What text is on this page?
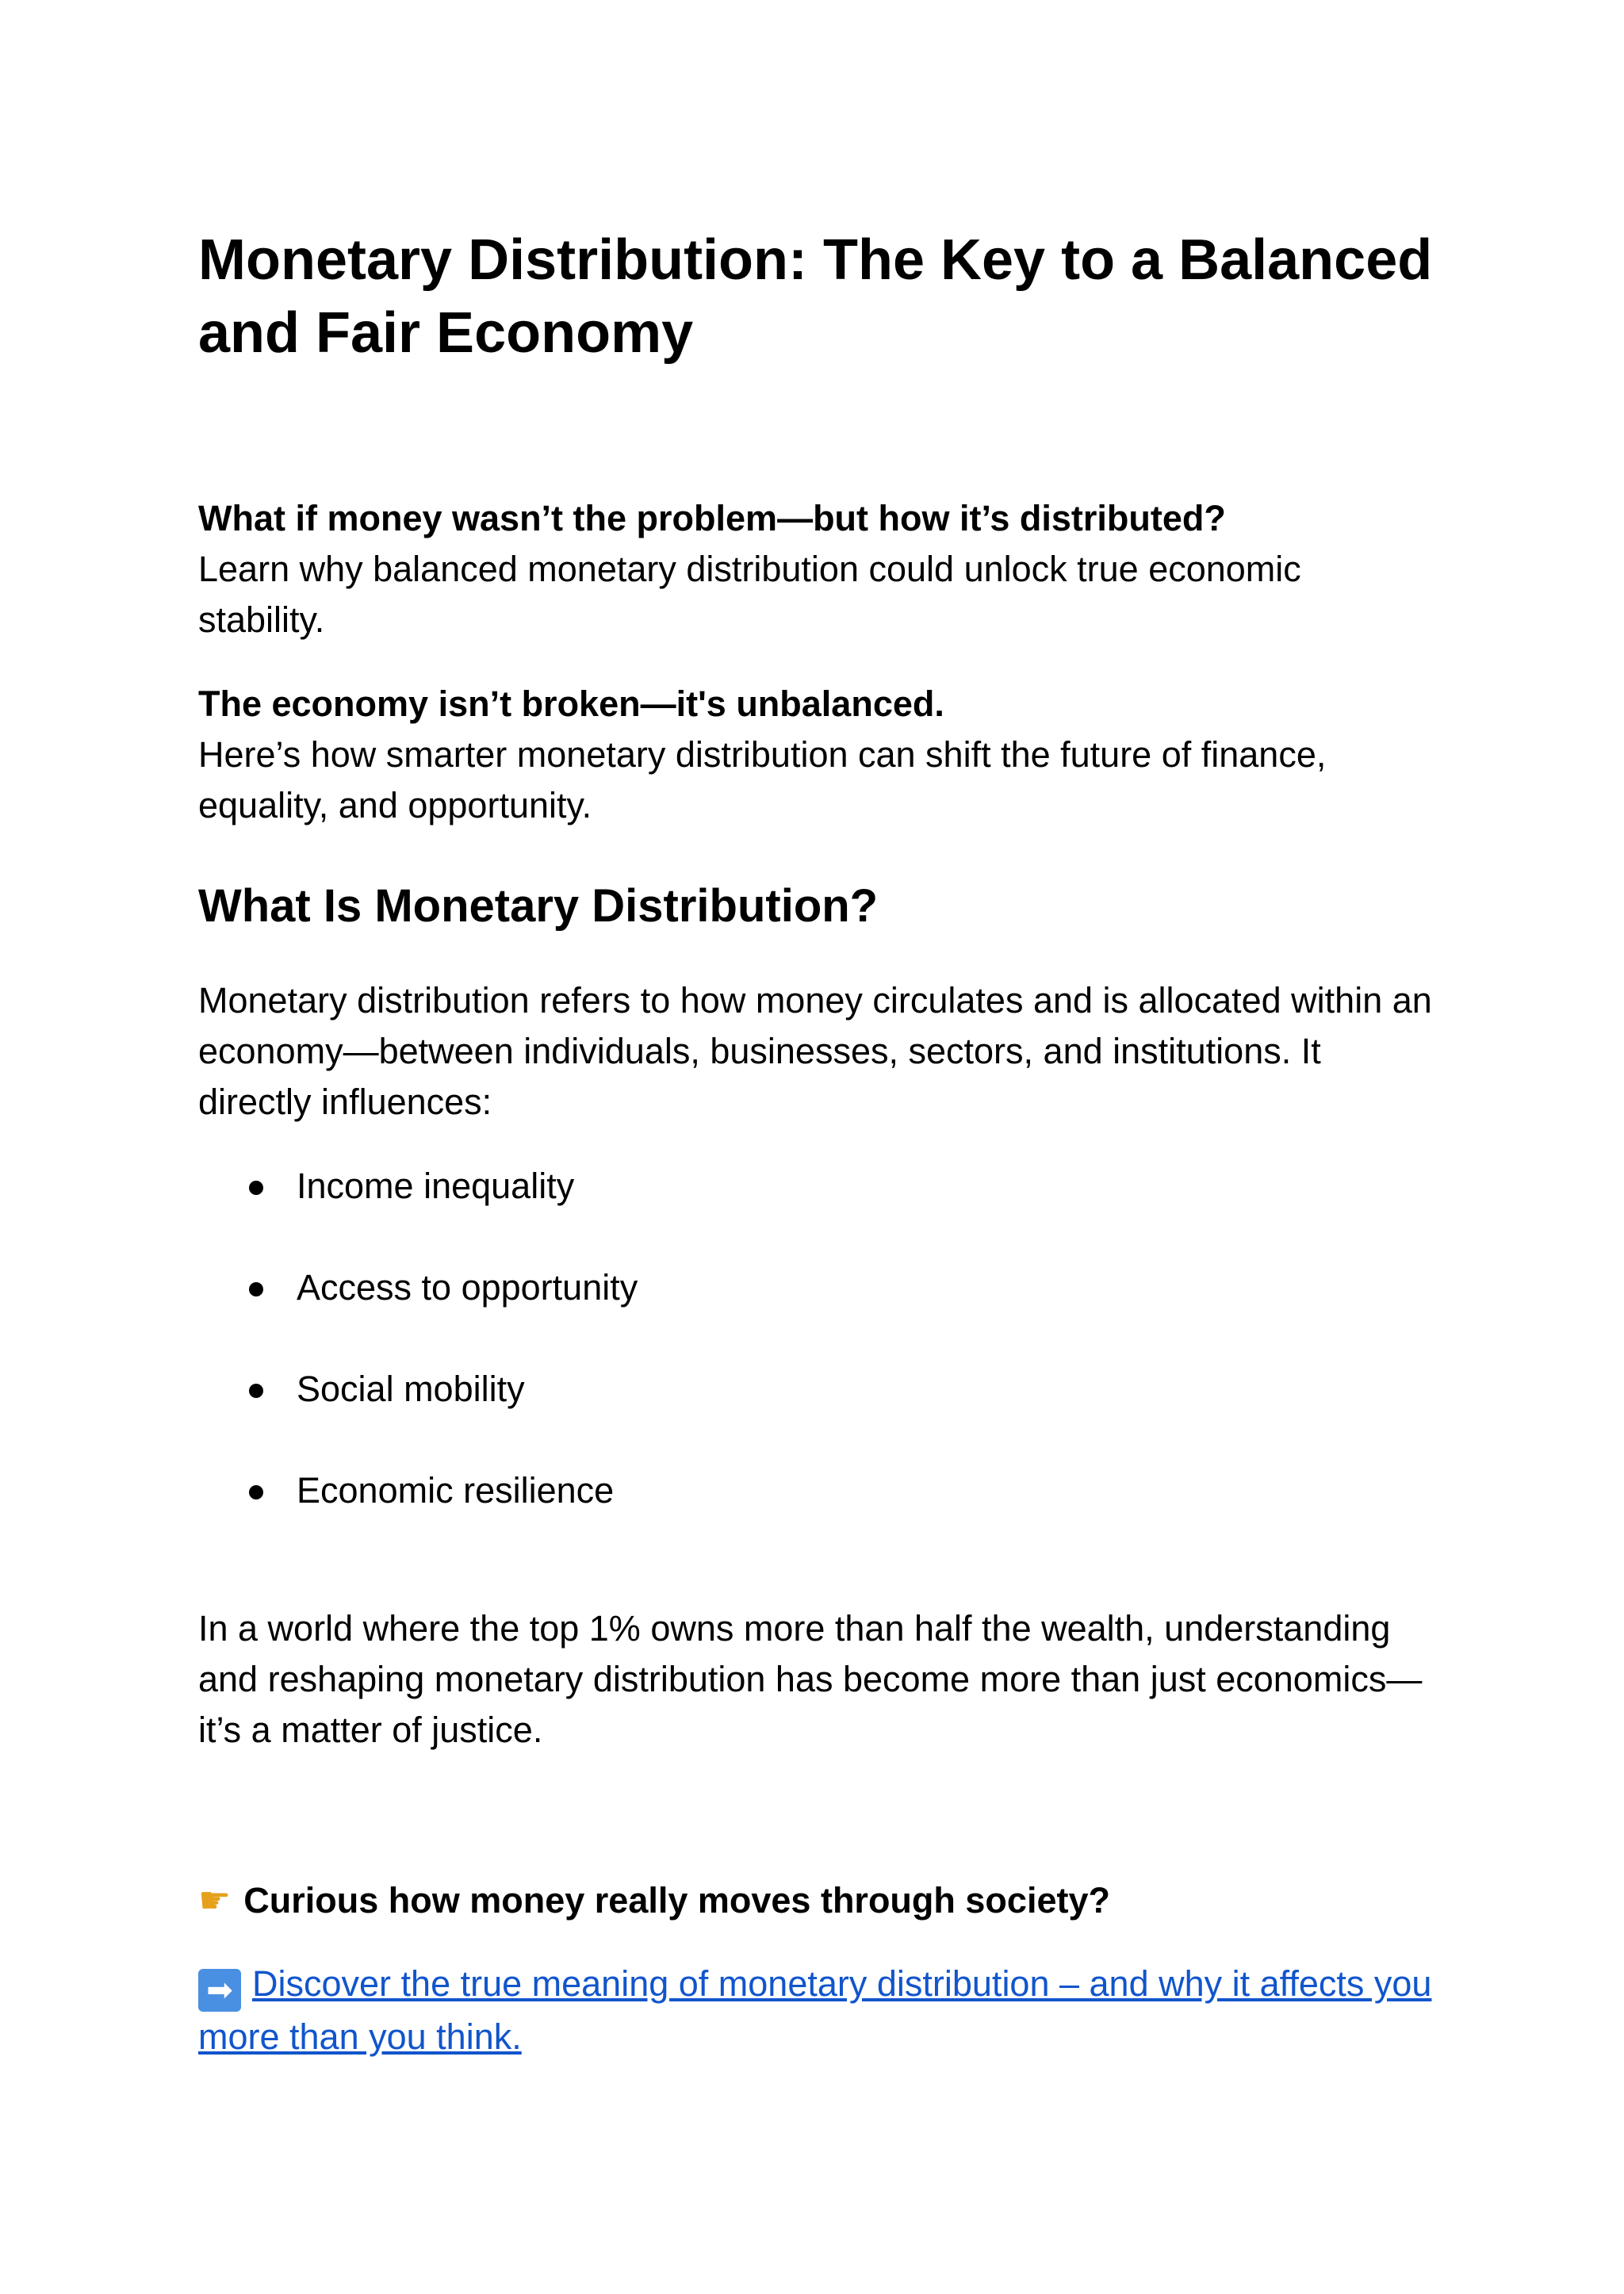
Monetary Distribution: The Key to a Balanced and Fair Economy

What if money wasn’t the problem—but how it’s distributed?
Learn why balanced monetary distribution could unlock true economic stability.

The economy isn’t broken—it's unbalanced.
Here’s how smarter monetary distribution can shift the future of finance, equality, and opportunity.

What Is Monetary Distribution?

Monetary distribution refers to how money circulates and is allocated within an economy—between individuals, businesses, sectors, and institutions. It directly influences:

Income inequality
Access to opportunity
Social mobility
Economic resilience

In a world where the top 1% owns more than half the wealth, understanding and reshaping monetary distribution has become more than just economics—it’s a matter of justice.

☛ Curious how money really moves through society?

➡ Discover the true meaning of monetary distribution – and why it affects you more than you think.
